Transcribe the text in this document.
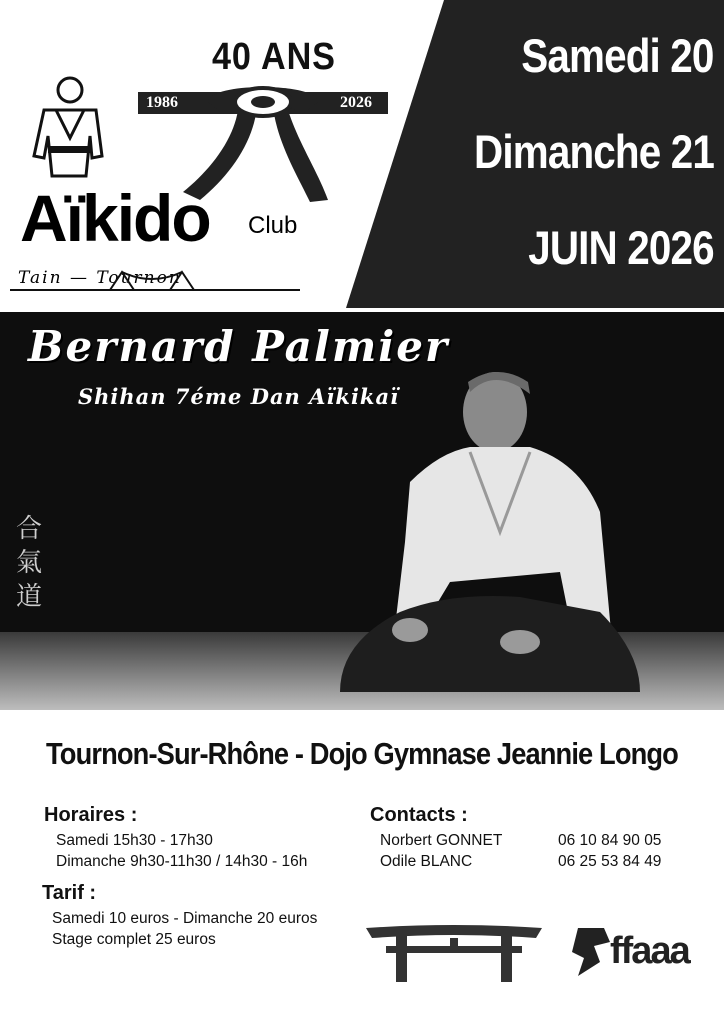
Samedi 20
Dimanche 21
JUIN 2026
40 ANS
1986	2026
Aïkido Club
Tain — Tournon
Bernard Palmier
Shihan 7éme Dan Aïkikaï
合
氣
道
Tournon-Sur-Rhône - Dojo Gymnase Jeannie Longo
Horaires :
Samedi 15h30 - 17h30
Dimanche 9h30-11h30 / 14h30 - 16h
Contacts :
Norbert GONNET	06 10 84 90 05
Odile BLANC	06 25 53 84 49
Tarif :
Samedi 10 euros - Dimanche 20 euros
Stage complet 25 euros	ffaaa
